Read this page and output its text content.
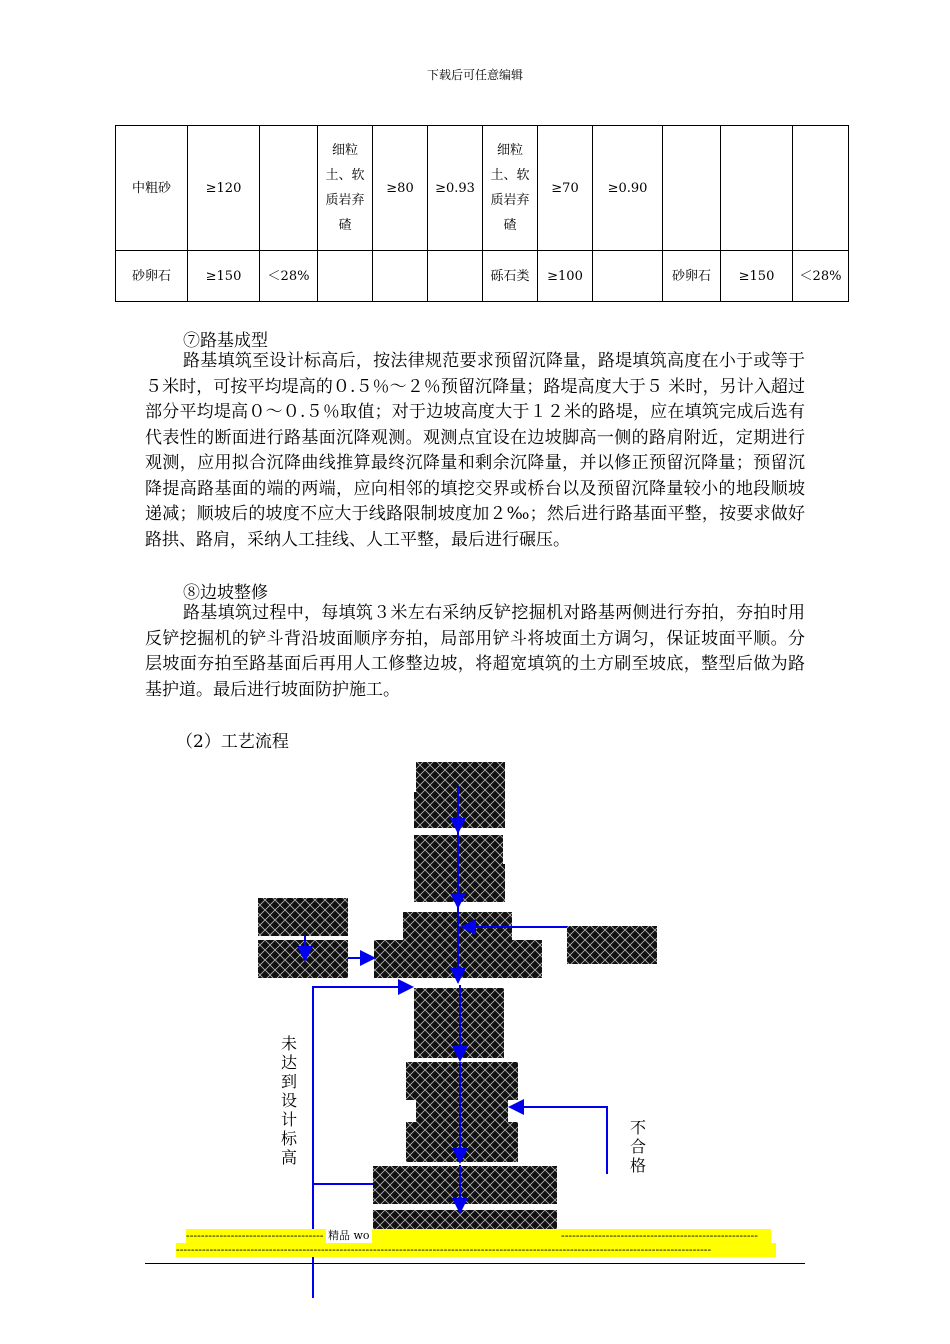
下载后可任意编辑
中粗砂	≥120		细粒土、软质岩弃碴	≥80	≥0.93	细粒土、软质岩弃碴	≥70	≥0.90			
砂卵石	≥150	＜28%				砾石类	≥100		砂卵石	≥150	＜28%
⑦路基成型
路基填筑至设计标高后，按法律规范要求预留沉降量，路堤填筑高度在小于或等于５米时，可按平均堤高的０.５％～２％预留沉降量；路堤高度大于５ 米时，另计入超过部分平均堤高０～０.５％取值；对于边坡高度大于１２米的路堤，应在填筑完成后选有代表性的断面进行路基面沉降观测。观测点宜设在边坡脚高一侧的路肩附近，定期进行观测，应用拟合沉降曲线推算最终沉降量和剩余沉降量，并以修正预留沉降量；预留沉降提高路基面的端的两端，应向相邻的填挖交界或桥台以及预留沉降量较小的地段顺坡递减；顺坡后的坡度不应大于线路限制坡度加２‰；然后进行路基面平整，按要求做好路拱、路肩，采纳人工挂线、人工平整，最后进行碾压。
⑧边坡整修
路基填筑过程中，每填筑３米左右采纳反铲挖掘机对路基两侧进行夯拍，夯拍时用反铲挖掘机的铲斗背沿坡面顺序夯拍，局部用铲斗将坡面土方调匀，保证坡面平顺。分层坡面夯拍至路基面后再用人工修整边坡，将超宽填筑的土方刷至坡底，整型后做为路基护道。最后进行坡面防护施工。
（2）工艺流程
未达到设计标高
不合格
------------------------------------- 精品 wo	-----------------------------------------------------
------------------------------------------------------------------------------------------------------------------------------------------------
